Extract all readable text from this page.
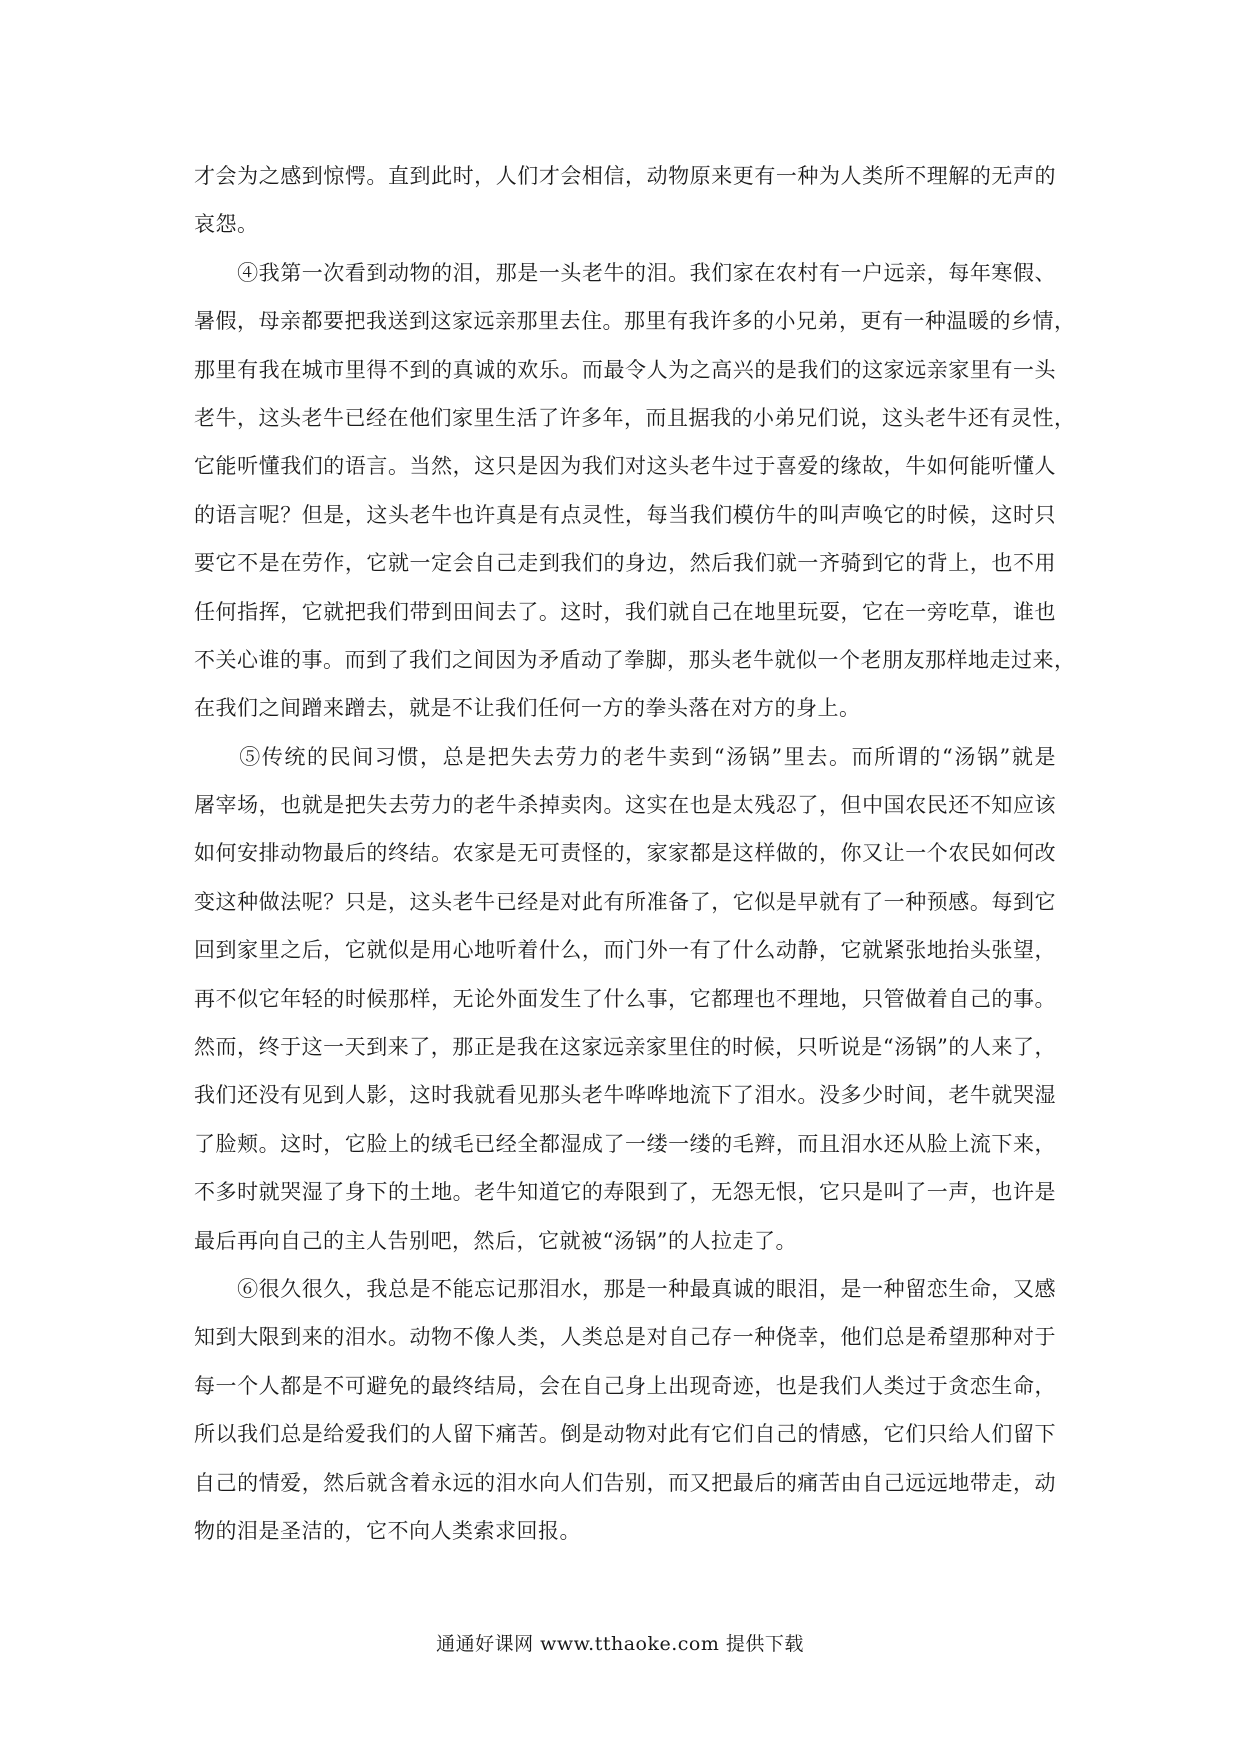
才会为之感到惊愕。直到此时，人们才会相信，动物原来更有一种为人类所不理解的无声的
哀怨。
　　④我第一次看到动物的泪，那是一头老牛的泪。我们家在农村有一户远亲，每年寒假、
暑假，母亲都要把我送到这家远亲那里去住。那里有我许多的小兄弟，更有一种温暖的乡情，
那里有我在城市里得不到的真诚的欢乐。而最令人为之高兴的是我们的这家远亲家里有一头
老牛，这头老牛已经在他们家里生活了许多年，而且据我的小弟兄们说，这头老牛还有灵性，
它能听懂我们的语言。当然，这只是因为我们对这头老牛过于喜爱的缘故，牛如何能听懂人
的语言呢？但是，这头老牛也许真是有点灵性，每当我们模仿牛的叫声唤它的时候，这时只
要它不是在劳作，它就一定会自己走到我们的身边，然后我们就一齐骑到它的背上，也不用
任何指挥，它就把我们带到田间去了。这时，我们就自己在地里玩耍，它在一旁吃草，谁也
不关心谁的事。而到了我们之间因为矛盾动了拳脚，那头老牛就似一个老朋友那样地走过来，
在我们之间蹭来蹭去，就是不让我们任何一方的拳头落在对方的身上。
　　⑤传统的民间习惯，总是把失去劳力的老牛卖到“汤锅”里去。而所谓的“汤锅”就是
屠宰场，也就是把失去劳力的老牛杀掉卖肉。这实在也是太残忍了，但中国农民还不知应该
如何安排动物最后的终结。农家是无可责怪的，家家都是这样做的，你又让一个农民如何改
变这种做法呢？只是，这头老牛已经是对此有所准备了，它似是早就有了一种预感。每到它
回到家里之后，它就似是用心地听着什么，而门外一有了什么动静，它就紧张地抬头张望，
再不似它年轻的时候那样，无论外面发生了什么事，它都理也不理地，只管做着自己的事。
然而，终于这一天到来了，那正是我在这家远亲家里住的时候，只听说是“汤锅”的人来了，
我们还没有见到人影，这时我就看见那头老牛哗哗地流下了泪水。没多少时间，老牛就哭湿
了脸颊。这时，它脸上的绒毛已经全都湿成了一缕一缕的毛辫，而且泪水还从脸上流下来，
不多时就哭湿了身下的土地。老牛知道它的寿限到了，无怨无恨，它只是叫了一声，也许是
最后再向自己的主人告别吧，然后，它就被“汤锅”的人拉走了。
　　⑥很久很久，我总是不能忘记那泪水，那是一种最真诚的眼泪，是一种留恋生命，又感
知到大限到来的泪水。动物不像人类，人类总是对自己存一种侥幸，他们总是希望那种对于
每一个人都是不可避免的最终结局，会在自己身上出现奇迹，也是我们人类过于贪恋生命，
所以我们总是给爱我们的人留下痛苦。倒是动物对此有它们自己的情感，它们只给人们留下
自己的情爱，然后就含着永远的泪水向人们告别，而又把最后的痛苦由自己远远地带走，动
物的泪是圣洁的，它不向人类索求回报。
通通好课网 www.tthaoke.com 提供下载
